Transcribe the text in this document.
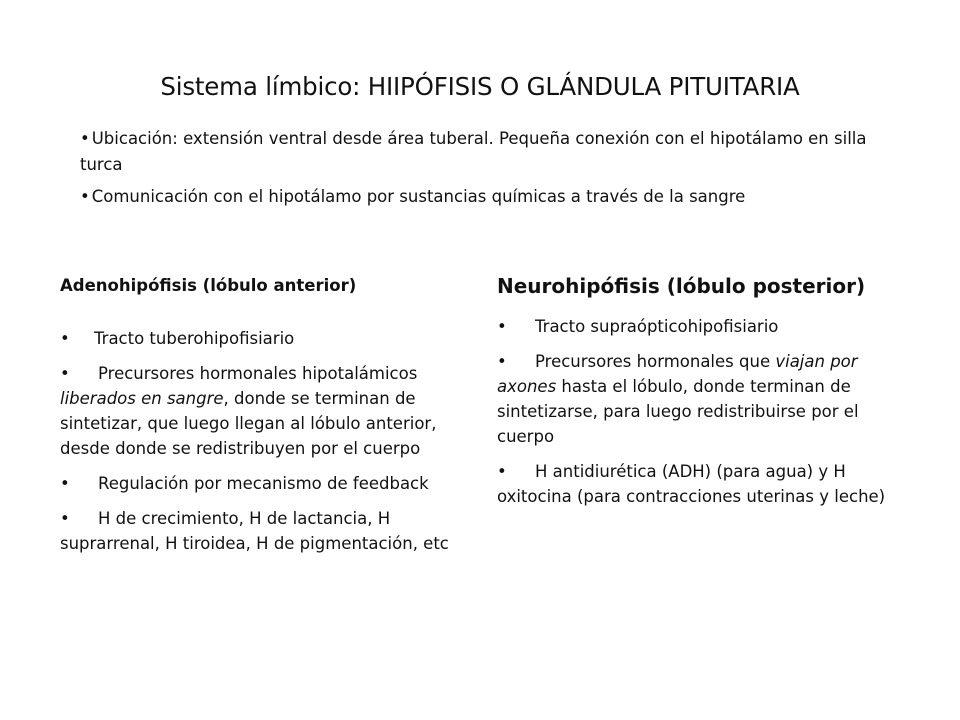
Sistema límbico: HIIPÓFISIS O GLÁNDULA PITUITARIA
• Ubicación: extensión ventral desde área tuberal. Pequeña conexión con el hipotálamo en silla turca
• Comunicación con el hipotálamo por sustancias químicas a través de la sangre

Adenohipófisis (lóbulo anterior)

• Tracto tuberohipofisiario
• Precursores hormonales hipotalámicos liberados en sangre, donde se terminan de sintetizar, que luego llegan al lóbulo anterior, desde donde se redistribuyen por el cuerpo
• Regulación por mecanismo de feedback
• H de crecimiento, H de lactancia, H suprarrenal, H tiroidea, H de pigmentación, etc

Neurohipófisis (lóbulo posterior)

• Tracto supraópticohipofisiario
• Precursores hormonales que viajan por axones hasta el lóbulo, donde terminan de sintetizarse, para luego redistribuirse por el cuerpo
• H antidiurética (ADH) (para agua) y H oxitocina (para contracciones uterinas y leche)
